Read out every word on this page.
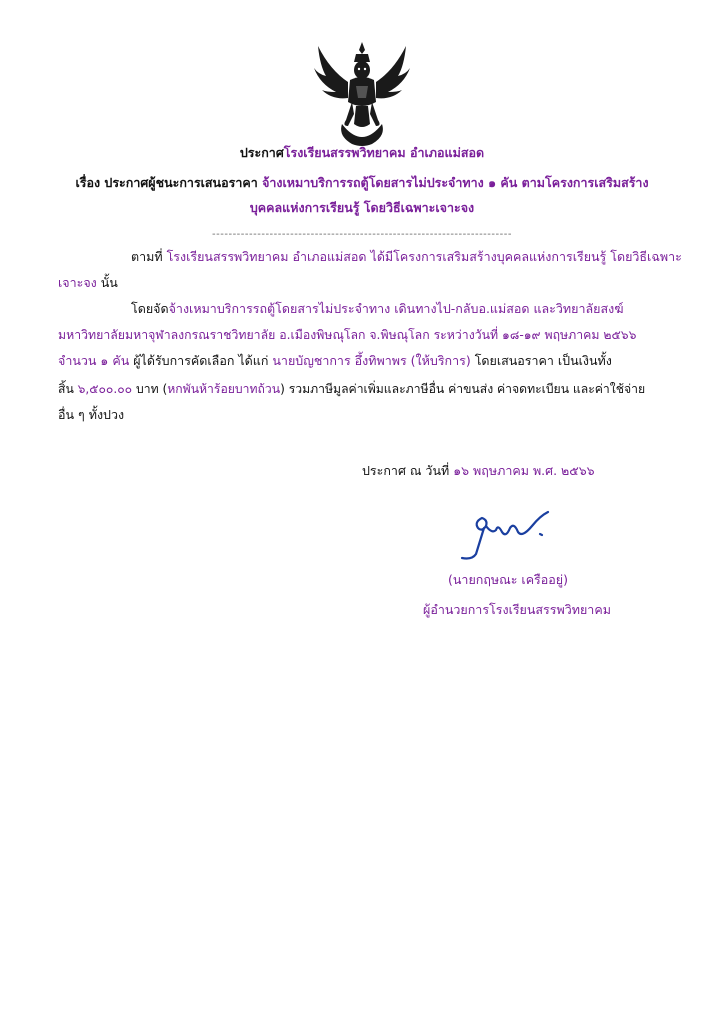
ประกาศโรงเรียนสรรพวิทยาคม อำเภอแม่สอด
เรื่อง ประกาศผู้ชนะการเสนอราคา จ้างเหมาบริการรถตู้โดยสารไม่ประจำทาง ๑ คัน ตามโครงการเสริมสร้าง
บุคคลแห่งการเรียนรู้ โดยวิธีเฉพาะเจาะจง
-------------------------------------------------------------------------
ตามที่ โรงเรียนสรรพวิทยาคม อำเภอแม่สอด ได้มีโครงการเสริมสร้างบุคคลแห่งการเรียนรู้ โดยวิธีเฉพาะ
เจาะจง นั้น
โดยจัดจ้างเหมาบริการรถตู้โดยสารไม่ประจำทาง เดินทางไป-กลับอ.แม่สอด และวิทยาลัยสงฆ์
มหาวิทยาลัยมหาจุฬาลงกรณราชวิทยาลัย อ.เมืองพิษณุโลก จ.พิษณุโลก ระหว่างวันที่ ๑๘-๑๙ พฤษภาคม ๒๕๖๖
จำนวน ๑ คัน ผู้ได้รับการคัดเลือก ได้แก่ นายบัญชาการ อึ้งทิพาพร (ให้บริการ) โดยเสนอราคา เป็นเงินทั้ง
สิ้น ๖,๕๐๐.๐๐ บาท (หกพันห้าร้อยบาทถ้วน) รวมภาษีมูลค่าเพิ่มและภาษีอื่น ค่าขนส่ง ค่าจดทะเบียน และค่าใช้จ่าย
อื่น ๆ ทั้งปวง
ประกาศ ณ วันที่ ๑๖ พฤษภาคม พ.ศ. ๒๕๖๖
(นายกฤษณะ เครืออยู่)
ผู้อำนวยการโรงเรียนสรรพวิทยาคม
